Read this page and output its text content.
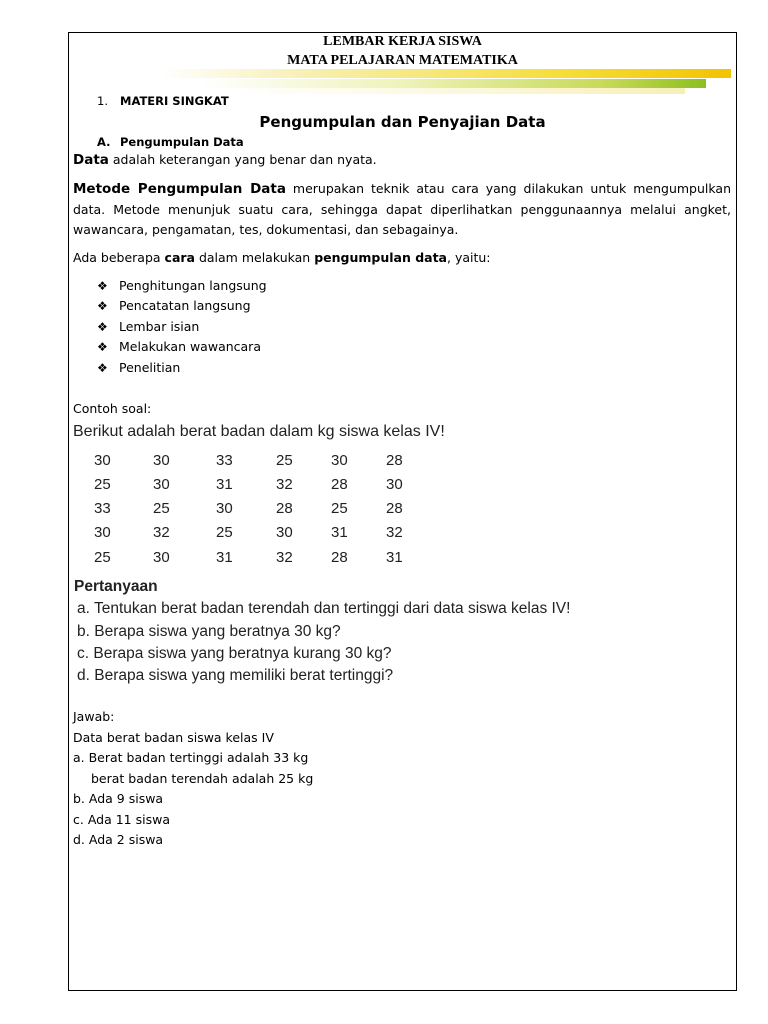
LEMBAR KERJA SISWA
MATA PELAJARAN MATEMATIKA
1. MATERI SINGKAT
Pengumpulan dan Penyajian Data
A. Pengumpulan Data
Data adalah keterangan yang benar dan nyata.
Metode Pengumpulan Data merupakan teknik atau cara yang dilakukan untuk mengumpulkan data. Metode menunjuk suatu cara, sehingga dapat diperlihatkan penggunaannya melalui angket, wawancara, pengamatan, tes, dokumentasi, dan sebagainya.
Ada beberapa cara dalam melakukan pengumpulan data, yaitu:
❖ Penghitungan langsung
❖ Pencatatan langsung
❖ Lembar isian
❖ Melakukan wawancara
❖ Penelitian
Contoh soal:
Berikut adalah berat badan dalam kg siswa kelas IV!
30	30	33	25	30	28
25	30	31	32	28	30
33	25	30	28	25	28
30	32	25	30	31	32
25	30	31	32	28	31
Pertanyaan
a. Tentukan berat badan terendah dan tertinggi dari data siswa kelas IV!
b. Berapa siswa yang beratnya 30 kg?
c. Berapa siswa yang beratnya kurang 30 kg?
d. Berapa siswa yang memiliki berat tertinggi?
Jawab:
Data berat badan siswa kelas IV
a. Berat badan tertinggi adalah 33 kg
berat badan terendah adalah 25 kg
b. Ada 9 siswa
c. Ada 11 siswa
d. Ada 2 siswa
